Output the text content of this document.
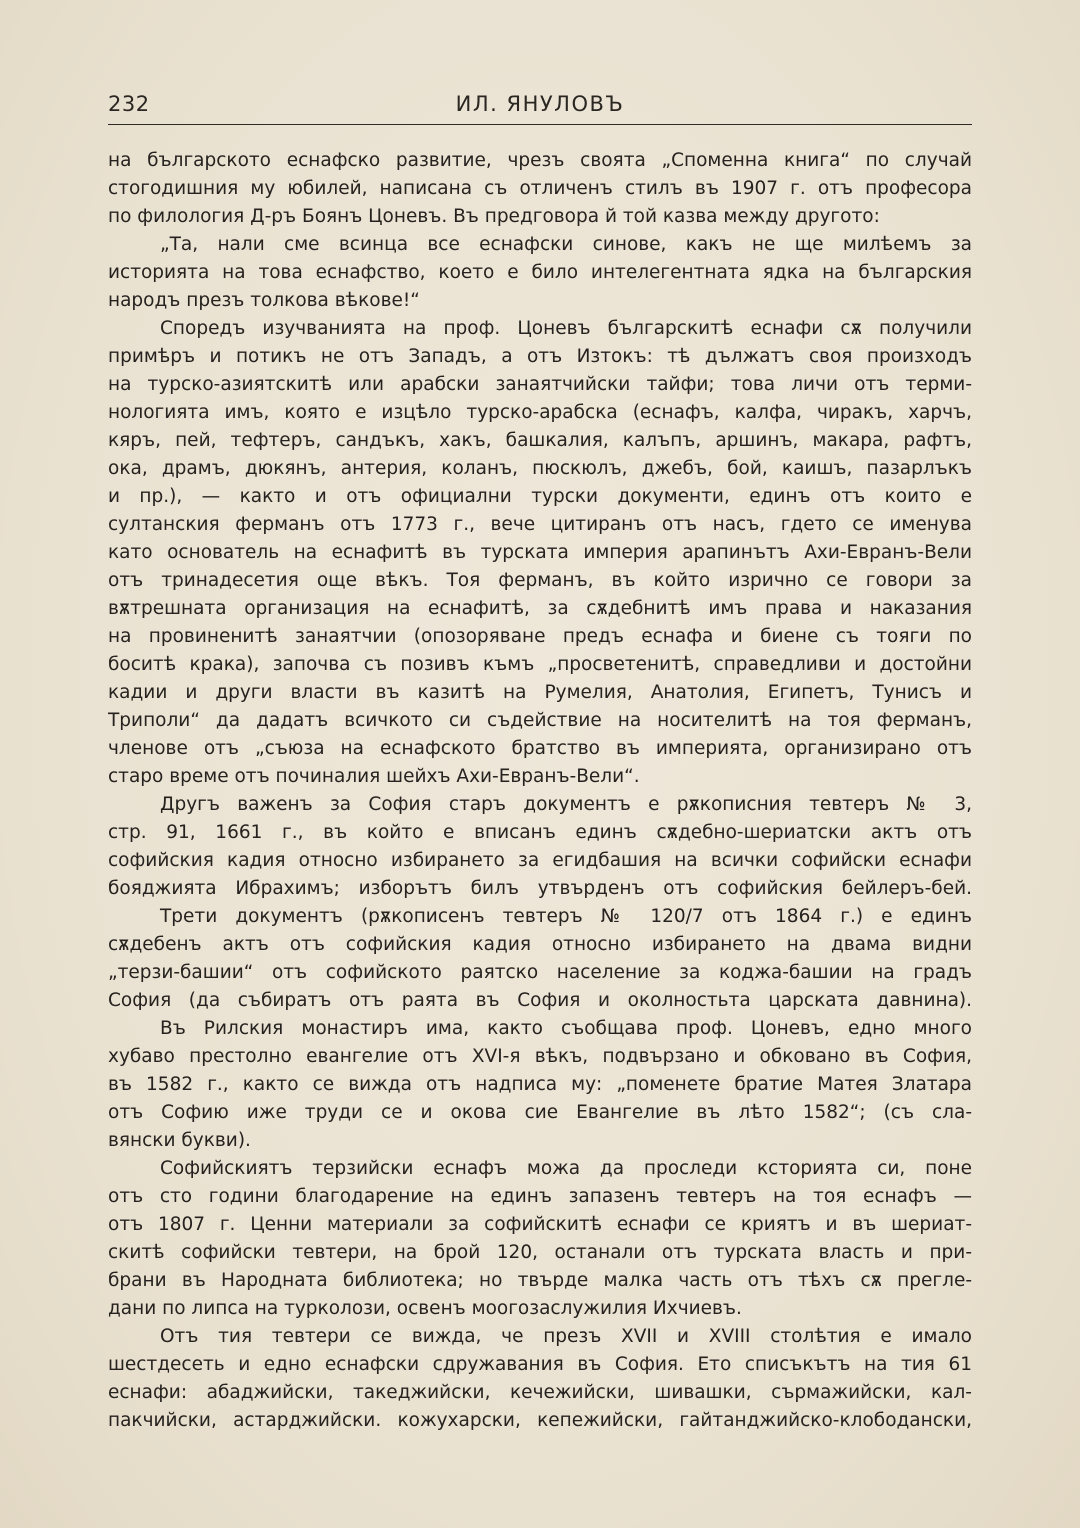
232	ИЛ. ЯНУЛОВЪ

на българското еснафско развитие, чрезъ своята „Споменна книга“ по случай

стогодишния му юбилей, написана съ отличенъ стилъ въ 1907 г. отъ професора

по филология Д-ръ Боянъ Цоневъ. Въ предговора й той казва между другото:

„Та, нали сме всинца все еснафски синове, какъ не ще милѣемъ за

историята на това еснафство, което е било интелегентната ядка на българския

народъ презъ толкова вѣкове!“

Споредъ изучванията на проф. Цоневъ българскитѣ еснафи сѫ получили

примѣръ и потикъ не отъ Западъ, а отъ Изтокъ: тѣ дължатъ своя произходъ

на турско-азиятскитѣ или арабски занаятчийски тайфи; това личи отъ терми-

нологията имъ, която е изцѣло турско-арабска (еснафъ, калфа, чиракъ, харчъ,

кяръ, пей, тефтеръ, сандъкъ, хакъ, башкалия, калъпъ, аршинъ, макара, рафтъ,

ока, драмъ, дюкянъ, антерия, коланъ, пюскюлъ, джебъ, бой, каишъ, пазарлъкъ

и пр.), — както и отъ официални турски документи, единъ отъ които е

султанския ферманъ отъ 1773 г., вече цитиранъ отъ насъ, гдето се именува

като основатель на еснафитѣ въ турската империя арапинътъ Ахи-Евранъ-Вели

отъ тринадесетия още вѣкъ. Тоя ферманъ, въ който изрично се говори за

вѫтрешната организация на еснафитѣ, за сѫдебнитѣ имъ права и наказания

на провиненитѣ занаятчии (опозоряване предъ еснафа и биене съ тояги по

боситѣ крака), започва съ позивъ къмъ „просветенитѣ, справедливи и достойни

кадии и други власти въ казитѣ на Румелия, Анатолия, Египетъ, Тунисъ и

Триполи“ да дадатъ всичкото си съдействие на носителитѣ на тоя ферманъ,

членове отъ „съюза на еснафското братство въ империята, организирано отъ

старо време отъ починалия шейхъ Ахи-Евранъ-Вели“.

Другъ важенъ за София старъ документъ е рѫкописния тевтеръ № 3,

стр. 91, 1661 г., въ който е вписанъ единъ сѫдебно-шериатски актъ отъ

софийския кадия относно избирането за егидбашия на всички софийски еснафи

бояджията Ибрахимъ; изборътъ билъ утвърденъ отъ софийския бейлеръ-бей.

Трети документъ (рѫкописенъ тевтеръ № 120/7 отъ 1864 г.) е единъ

сѫдебенъ актъ отъ софийския кадия относно избирането на двама видни

„терзи-башии“ отъ софийското раятско население за коджа-башии на градъ

София (да събиратъ отъ раята въ София и околностьта царската давнина).

Въ Рилския монастиръ има, както съобщава проф. Цоневъ, едно много

хубаво престолно евангелие отъ XVI-я вѣкъ, подвързано и обковано въ София,

въ 1582 г., както се вижда отъ надписа му: „поменете братие Матея Златара

отъ Софию иже труди се и окова сие Евангелие въ лѣто 1582“; (съ сла-

вянски букви).

Софийскиятъ терзийски еснафъ можа да проследи ксторията си, поне

отъ сто години благодарение на единъ запазенъ тевтеръ на тоя еснафъ —

отъ 1807 г. Ценни материали за софийскитѣ еснафи се криятъ и въ шериат-

скитѣ софийски тевтери, на брой 120, останали отъ турската власть и при-

брани въ Народната библиотека; но твърде малка часть отъ тѣхъ сѫ прегле-

дани по липса на турколози, освенъ моогозаслужилия Ихчиевъ.

Отъ тия тевтери се вижда, че презъ XVII и XVIII столѣтия е имало

шестдесеть и едно еснафски сдружавания въ София. Ето списъкътъ на тия 61

еснафи: абаджийски, такеджийски, кечежийски, шивашки, сърмажийски, кал-

пакчийски, астарджийски. кожухарски, кепежийски, гайтанджийско-клободански,
